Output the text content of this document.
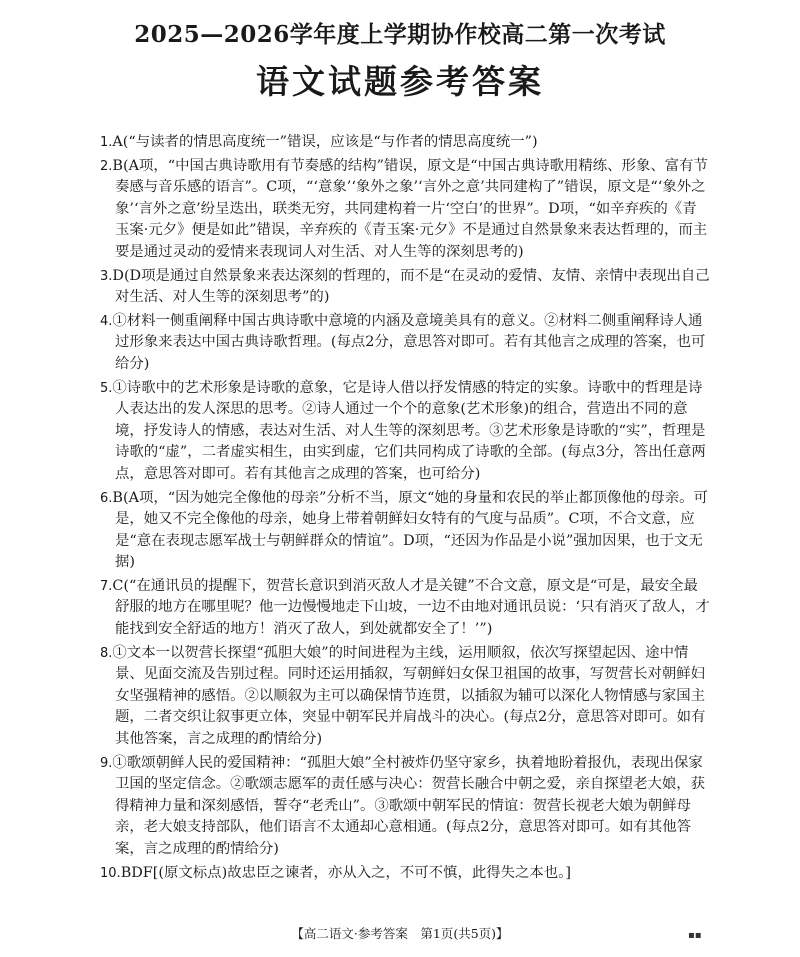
2025—2026学年度上学期协作校高二第一次考试
语文试题参考答案

1.A(“与读者的情思高度统一”错误，应该是“与作者的情思高度统一”)

2.B(A项，“中国古典诗歌用有节奏感的结构”错误，原文是“中国古典诗歌用精练、形象、富有节奏感与音乐感的语言”。C项，“‘意象’‘象外之象’‘言外之意’共同建构了”错误，原文是“‘象外之象’‘言外之意’纷呈迭出，联类无穷，共同建构着一片‘空白’的世界”。D项，“如辛弃疾的《青玉案·元夕》便是如此”错误，辛弃疾的《青玉案·元夕》不是通过自然景象来表达哲理的，而主要是通过灵动的爱情来表现词人对生活、对人生等的深刻思考的)

3.D(D项是通过自然景象来表达深刻的哲理的，而不是“在灵动的爱情、友情、亲情中表现出自己对生活、对人生等的深刻思考”的)

4.①材料一侧重阐释中国古典诗歌中意境的内涵及意境美具有的意义。②材料二侧重阐释诗人通过形象来表达中国古典诗歌哲理。(每点2分，意思答对即可。若有其他言之成理的答案，也可给分)

5.①诗歌中的艺术形象是诗歌的意象，它是诗人借以抒发情感的特定的实象。诗歌中的哲理是诗人表达出的发人深思的思考。②诗人通过一个个的意象(艺术形象)的组合，营造出不同的意境，抒发诗人的情感，表达对生活、对人生等的深刻思考。③艺术形象是诗歌的“实”，哲理是诗歌的“虚”，二者虚实相生，由实到虚，它们共同构成了诗歌的全部。(每点3分，答出任意两点，意思答对即可。若有其他言之成理的答案，也可给分)

6.B(A项，“因为她完全像他的母亲”分析不当，原文“她的身量和农民的举止都顶像他的母亲。可是，她又不完全像他的母亲，她身上带着朝鲜妇女特有的气度与品质”。C项，不合文意，应是“意在表现志愿军战士与朝鲜群众的情谊”。D项，“还因为作品是小说”强加因果，也于文无据)

7.C(“在通讯员的提醒下，贺营长意识到消灭敌人才是关键”不合文意，原文是“可是，最安全最舒服的地方在哪里呢？他一边慢慢地走下山坡，一边不由地对通讯员说：‘只有消灭了敌人，才能找到安全舒适的地方！消灭了敌人，到处就都安全了！’”)

8.①文本一以贺营长探望“孤胆大娘”的时间进程为主线，运用顺叙，依次写探望起因、途中情景、见面交流及告别过程。同时还运用插叙，写朝鲜妇女保卫祖国的故事，写贺营长对朝鲜妇女坚强精神的感悟。②以顺叙为主可以确保情节连贯，以插叙为辅可以深化人物情感与家国主题，二者交织让叙事更立体，突显中朝军民并肩战斗的决心。(每点2分，意思答对即可。如有其他答案，言之成理的酌情给分)

9.①歌颂朝鲜人民的爱国精神：“孤胆大娘”全村被炸仍坚守家乡，执着地盼着报仇，表现出保家卫国的坚定信念。②歌颂志愿军的责任感与决心：贺营长融合中朝之爱，亲自探望老大娘，获得精神力量和深刻感悟，誓夺“老秃山”。③歌颂中朝军民的情谊：贺营长视老大娘为朝鲜母亲，老大娘支持部队，他们语言不太通却心意相通。(每点2分，意思答对即可。如有其他答案，言之成理的酌情给分)

10.BDF[(原文标点)故忠臣之谏者，亦从入之，不可不慎，此得失之本也。]

【高二语文·参考答案　第1页(共5页)】	▪▪
